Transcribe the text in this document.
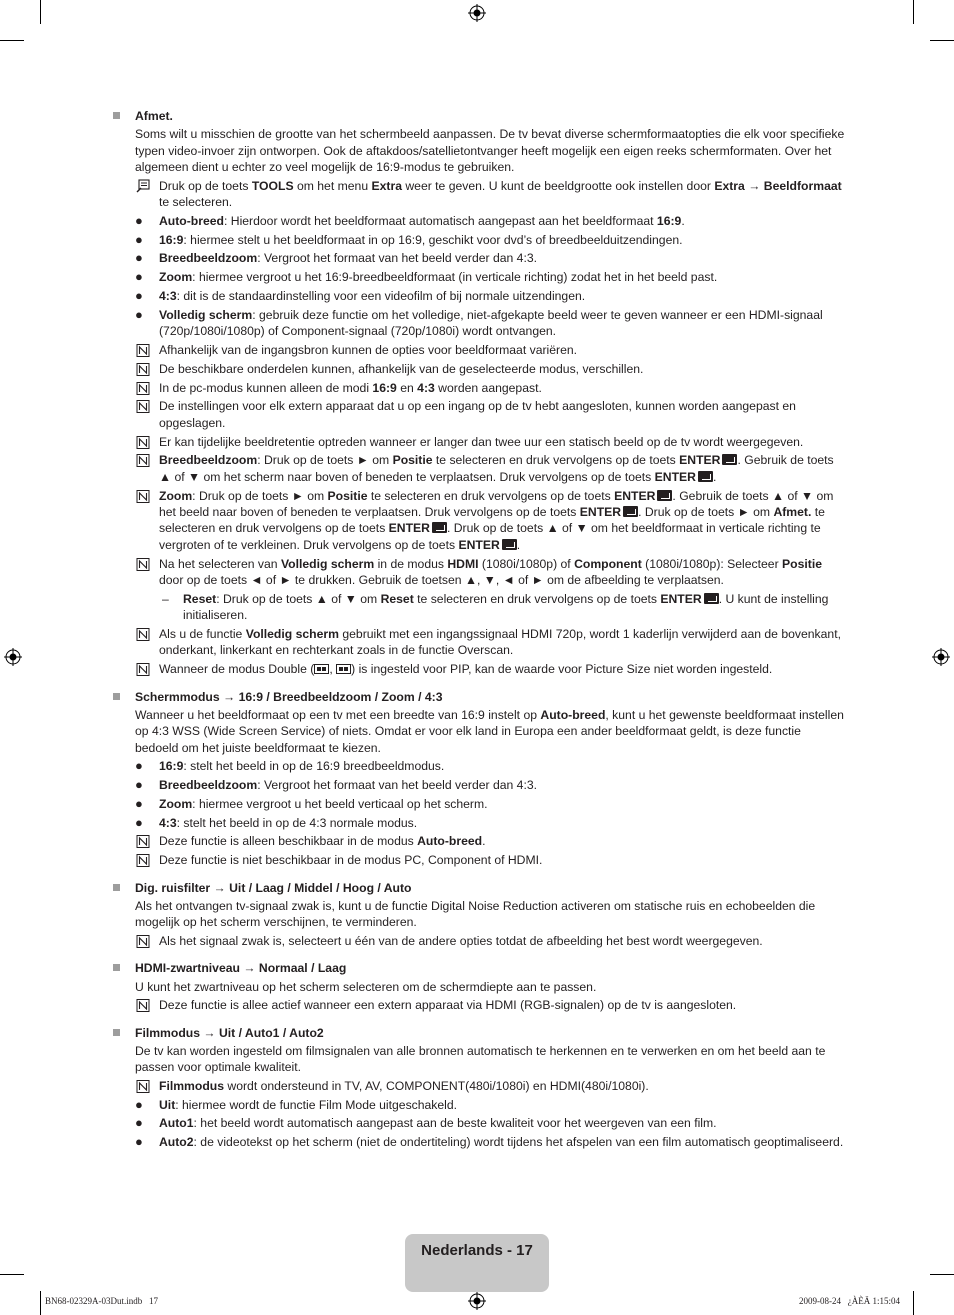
Afmet.
Soms wilt u misschien de grootte van het schermbeeld aanpassen. De tv bevat diverse schermformaatopties die elk voor specifieke typen video-invoer zijn ontworpen. Ook de aftakdoos/satellietontvanger heeft mogelijk een eigen reeks schermformaten. Over het algemeen dient u echter zo veel mogelijk de 16:9-modus te gebruiken.
Druk op de toets TOOLS om het menu Extra weer te geven. U kunt de beeldgrootte ook instellen door Extra → Beeldformaat te selecteren.
●	Auto-breed: Hierdoor wordt het beeldformaat automatisch aangepast aan het beeldformaat 16:9.
●	16:9: hiermee stelt u het beeldformaat in op 16:9, geschikt voor dvd’s of breedbeelduitzendingen.
●	Breedbeeldzoom: Vergroot het formaat van het beeld verder dan 4:3.
●	Zoom: hiermee vergroot u het 16:9-breedbeeldformaat (in verticale richting) zodat het in het beeld past.
●	4:3: dit is de standaardinstelling voor een videofilm of bij normale uitzendingen.
●	Volledig scherm: gebruik deze functie om het volledige, niet-afgekapte beeld weer te geven wanneer er een HDMI-signaal (720p/1080i/1080p) of Component-signaal (720p/1080i) wordt ontvangen.
Afhankelijk van de ingangsbron kunnen de opties voor beeldformaat variëren.
De beschikbare onderdelen kunnen, afhankelijk van de geselecteerde modus, verschillen.
In de pc-modus kunnen alleen de modi 16:9 en 4:3 worden aangepast.
De instellingen voor elk extern apparaat dat u op een ingang op de tv hebt aangesloten, kunnen worden aangepast en opgeslagen.
Er kan tijdelijke beeldretentie optreden wanneer er langer dan twee uur een statisch beeld op de tv wordt weergegeven.
Breedbeeldzoom: Druk op de toets ► om Positie te selecteren en druk vervolgens op de toets ENTER . Gebruik de toets ▲ of ▼ om het scherm naar boven of beneden te verplaatsen. Druk vervolgens op de toets ENTER .
Zoom: Druk op de toets ► om Positie te selecteren en druk vervolgens op de toets ENTER . Gebruik de toets ▲ of ▼ om het beeld naar boven of beneden te verplaatsen. Druk vervolgens op de toets ENTER . Druk op de toets ► om Afmet. te selecteren en druk vervolgens op de toets ENTER . Druk op de toets ▲ of ▼ om het beeldformaat in verticale richting te vergroten of te verkleinen. Druk vervolgens op de toets ENTER .
Na het selecteren van Volledig scherm in de modus HDMI (1080i/1080p) of Component (1080i/1080p): Selecteer Positie door op de toets ◄ of ► te drukken. Gebruik de toetsen ▲, ▼, ◄ of ► om de afbeelding te verplaatsen.
– Reset: Druk op de toets ▲ of ▼ om Reset te selecteren en druk vervolgens op de toets ENTER . U kunt de instelling initialiseren.
Als u de functie Volledig scherm gebruikt met een ingangssignaal HDMI 720p, wordt 1 kaderlijn verwijderd aan de bovenkant, onderkant, linkerkant en rechterkant zoals in de functie Overscan.
Wanneer de modus Double ( , ) is ingesteld voor PIP, kan de waarde voor Picture Size niet worden ingesteld.
Schermmodus → 16:9 / Breedbeeldzoom / Zoom / 4:3
Wanneer u het beeldformaat op een tv met een breedte van 16:9 instelt op Auto-breed, kunt u het gewenste beeldformaat instellen op 4:3 WSS (Wide Screen Service) of niets. Omdat er voor elk land in Europa een ander beeldformaat geldt, is deze functie bedoeld om het juiste beeldformaat te kiezen.
●	16:9: stelt het beeld in op de 16:9 breedbeeldmodus.
●	Breedbeeldzoom: Vergroot het formaat van het beeld verder dan 4:3.
●	Zoom: hiermee vergroot u het beeld verticaal op het scherm.
●	4:3: stelt het beeld in op de 4:3 normale modus.
Deze functie is alleen beschikbaar in de modus Auto-breed.
Deze functie is niet beschikbaar in de modus PC, Component of HDMI.
Dig. ruisfilter → Uit / Laag / Middel / Hoog / Auto
Als het ontvangen tv-signaal zwak is, kunt u de functie Digital Noise Reduction activeren om statische ruis en echobeelden die mogelijk op het scherm verschijnen, te verminderen.
Als het signaal zwak is, selecteert u één van de andere opties totdat de afbeelding het best wordt weergegeven.
HDMI-zwartniveau → Normaal / Laag
U kunt het zwartniveau op het scherm selecteren om de schermdiepte aan te passen.
Deze functie is allee actief wanneer een extern apparaat via HDMI (RGB-signalen) op de tv is aangesloten.
Filmmodus → Uit / Auto1 / Auto2
De tv kan worden ingesteld om filmsignalen van alle bronnen automatisch te herkennen en te verwerken en om het beeld aan te passen voor optimale kwaliteit.
Filmmodus wordt ondersteund in TV, AV, COMPONENT(480i/1080i) en HDMI(480i/1080i).
●	Uit: hiermee wordt de functie Film Mode uitgeschakeld.
●	Auto1: het beeld wordt automatisch aangepast aan de beste kwaliteit voor het weergeven van een film.
●	Auto2: de videotekst op het scherm (niet de ondertiteling) wordt tijdens het afspelen van een film automatisch geoptimaliseerd.
Nederlands - 17
BN68-02329A-03Dut.indb   17	2009-08-24   ¿ÀÈÄ 1:15:04
